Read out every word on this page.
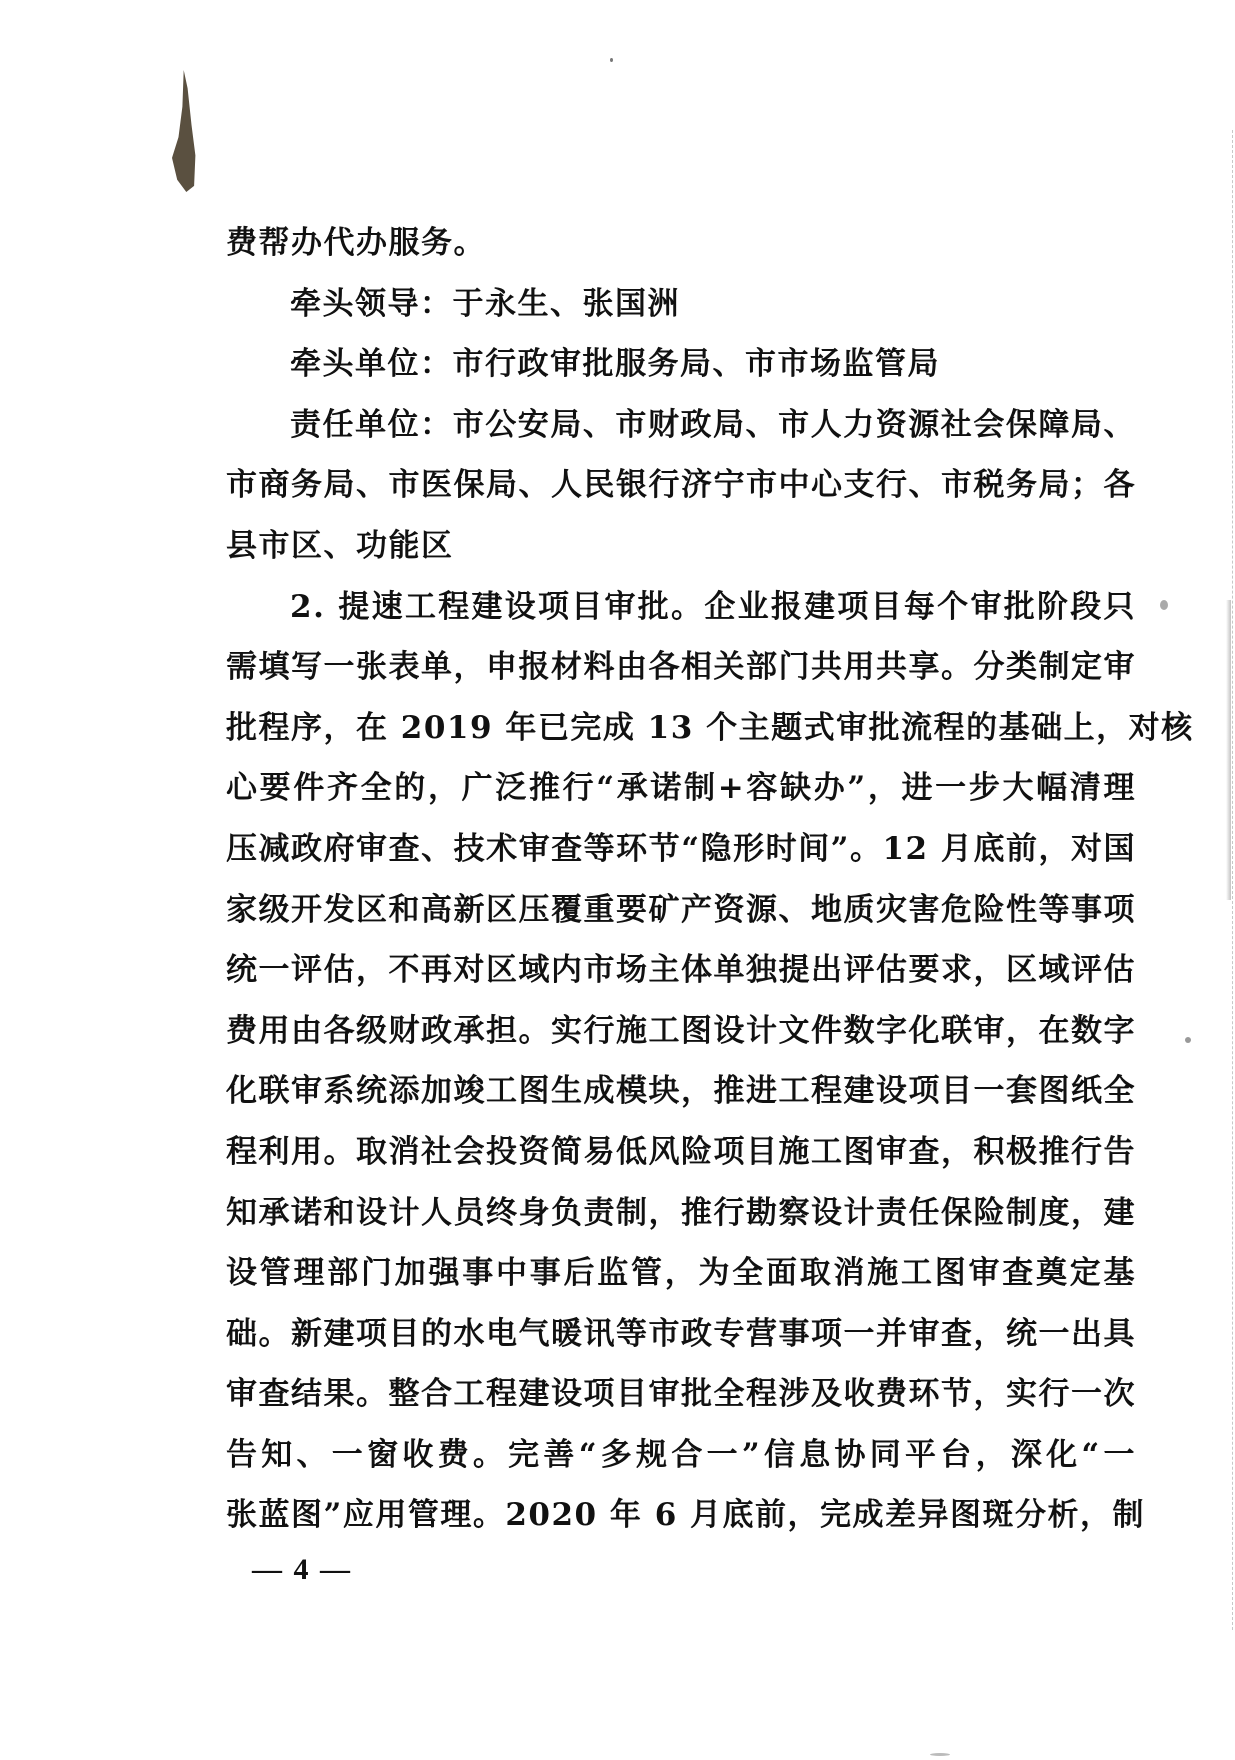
费帮办代办服务。
牵头领导：于永生、张国洲
牵头单位：市行政审批服务局、市市场监管局
责任单位：市公安局、市财政局、市人力资源社会保障局、
市商务局、市医保局、人民银行济宁市中心支行、市税务局；各
县市区、功能区
2. 提速工程建设项目审批。企业报建项目每个审批阶段只
需填写一张表单，申报材料由各相关部门共用共享。分类制定审
批程序，在 2019 年已完成 13 个主题式审批流程的基础上，对核
心要件齐全的，广泛推行“承诺制+容缺办”，进一步大幅清理
压减政府审查、技术审查等环节“隐形时间”。12 月底前，对国
家级开发区和高新区压覆重要矿产资源、地质灾害危险性等事项
统一评估，不再对区域内市场主体单独提出评估要求，区域评估
费用由各级财政承担。实行施工图设计文件数字化联审，在数字
化联审系统添加竣工图生成模块，推进工程建设项目一套图纸全
程利用。取消社会投资简易低风险项目施工图审查，积极推行告
知承诺和设计人员终身负责制，推行勘察设计责任保险制度，建
设管理部门加强事中事后监管，为全面取消施工图审查奠定基
础。新建项目的水电气暖讯等市政专营事项一并审查，统一出具
审查结果。整合工程建设项目审批全程涉及收费环节，实行一次
告知、一窗收费。完善“多规合一”信息协同平台，深化“一
张蓝图”应用管理。2020 年 6 月底前，完成差异图斑分析，制
— 4 —
